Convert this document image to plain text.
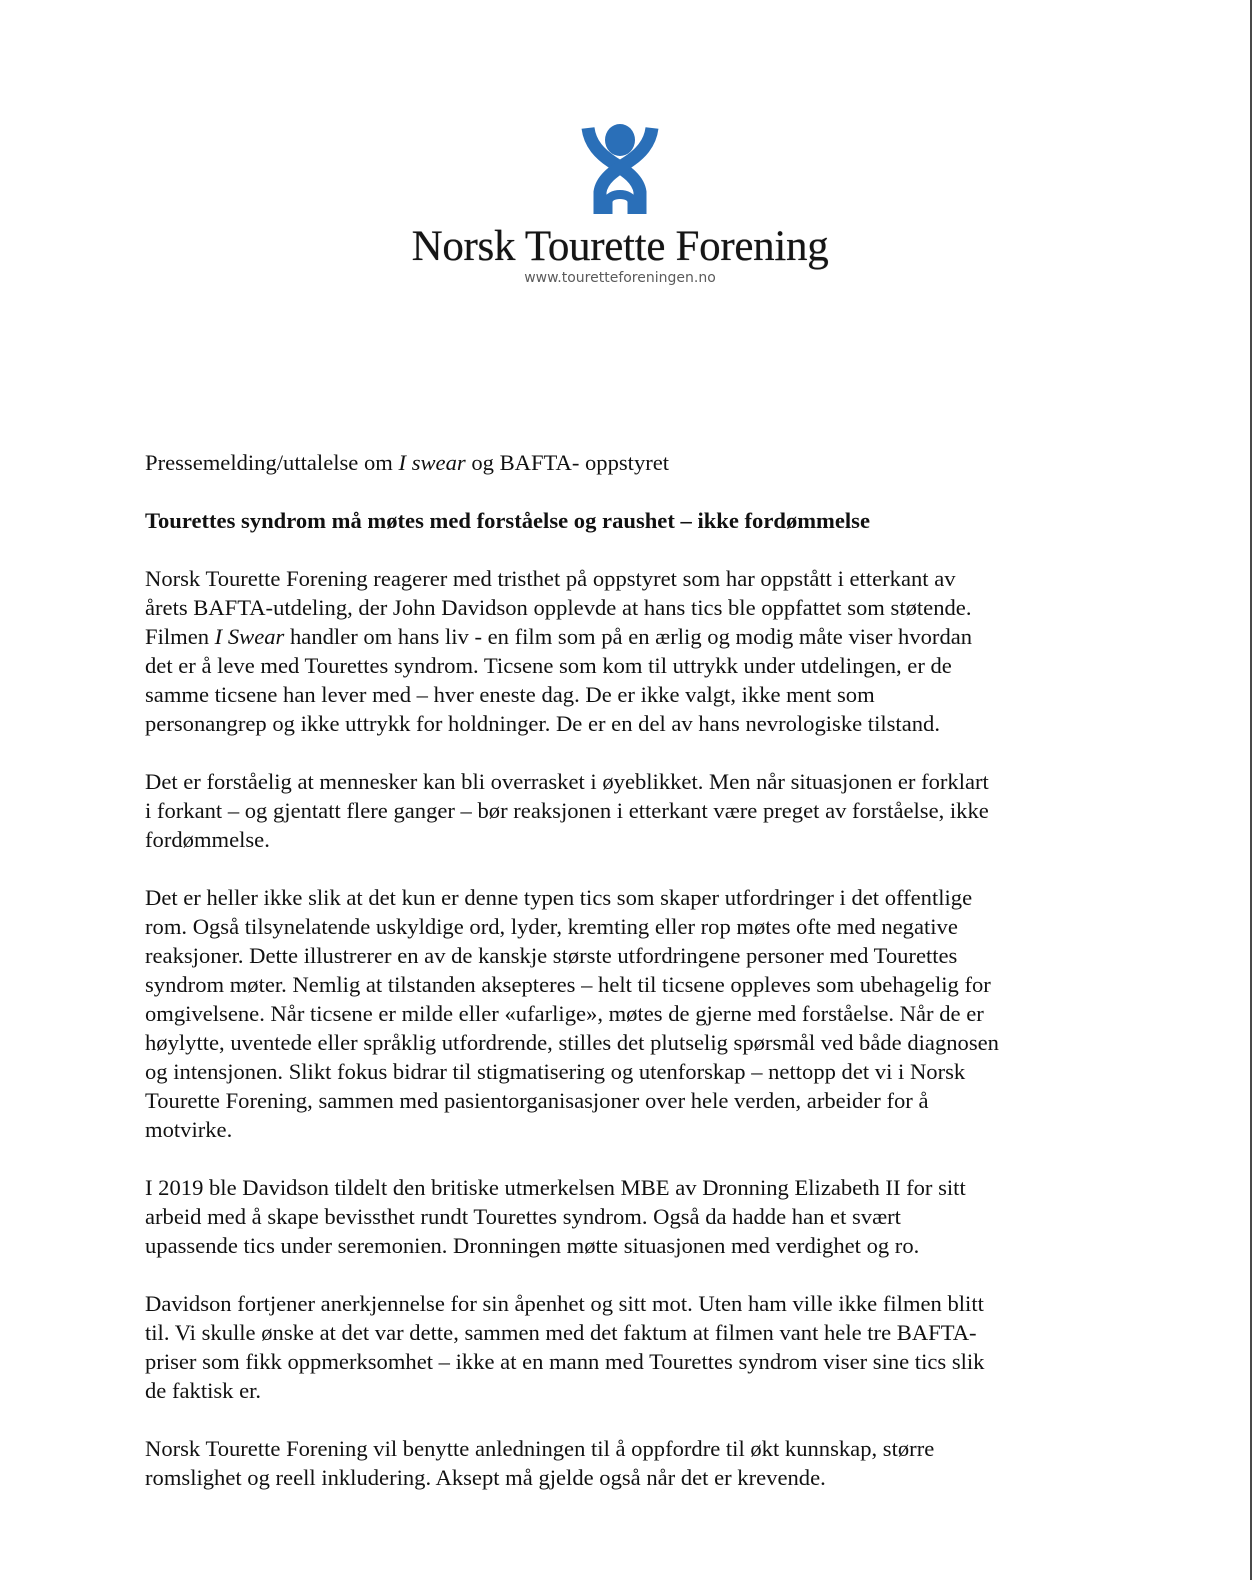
Norsk Tourette Forening
www.touretteforeningen.no

Pressemelding/uttalelse om I swear og BAFTA- oppstyret

Tourettes syndrom må møtes med forståelse og raushet – ikke fordømmelse

Norsk Tourette Forening reagerer med tristhet på oppstyret som har oppstått i etterkant av
årets BAFTA-utdeling, der John Davidson opplevde at hans tics ble oppfattet som støtende.
Filmen I Swear handler om hans liv - en film som på en ærlig og modig måte viser hvordan
det er å leve med Tourettes syndrom. Ticsene som kom til uttrykk under utdelingen, er de
samme ticsene han lever med – hver eneste dag. De er ikke valgt, ikke ment som
personangrep og ikke uttrykk for holdninger. De er en del av hans nevrologiske tilstand.

Det er forståelig at mennesker kan bli overrasket i øyeblikket. Men når situasjonen er forklart
i forkant – og gjentatt flere ganger – bør reaksjonen i etterkant være preget av forståelse, ikke
fordømmelse.

Det er heller ikke slik at det kun er denne typen tics som skaper utfordringer i det offentlige
rom. Også tilsynelatende uskyldige ord, lyder, kremting eller rop møtes ofte med negative
reaksjoner. Dette illustrerer en av de kanskje største utfordringene personer med Tourettes
syndrom møter. Nemlig at tilstanden aksepteres – helt til ticsene oppleves som ubehagelig for
omgivelsene. Når ticsene er milde eller «ufarlige», møtes de gjerne med forståelse. Når de er
høylytte, uventede eller språklig utfordrende, stilles det plutselig spørsmål ved både diagnosen
og intensjonen. Slikt fokus bidrar til stigmatisering og utenforskap – nettopp det vi i Norsk
Tourette Forening, sammen med pasientorganisasjoner over hele verden, arbeider for å
motvirke.

I 2019 ble Davidson tildelt den britiske utmerkelsen MBE av Dronning Elizabeth II for sitt
arbeid med å skape bevissthet rundt Tourettes syndrom. Også da hadde han et svært
upassende tics under seremonien. Dronningen møtte situasjonen med verdighet og ro.

Davidson fortjener anerkjennelse for sin åpenhet og sitt mot. Uten ham ville ikke filmen blitt
til. Vi skulle ønske at det var dette, sammen med det faktum at filmen vant hele tre BAFTA-
priser som fikk oppmerksomhet – ikke at en mann med Tourettes syndrom viser sine tics slik
de faktisk er.

Norsk Tourette Forening vil benytte anledningen til å oppfordre til økt kunnskap, større
romslighet og reell inkludering. Aksept må gjelde også når det er krevende.
